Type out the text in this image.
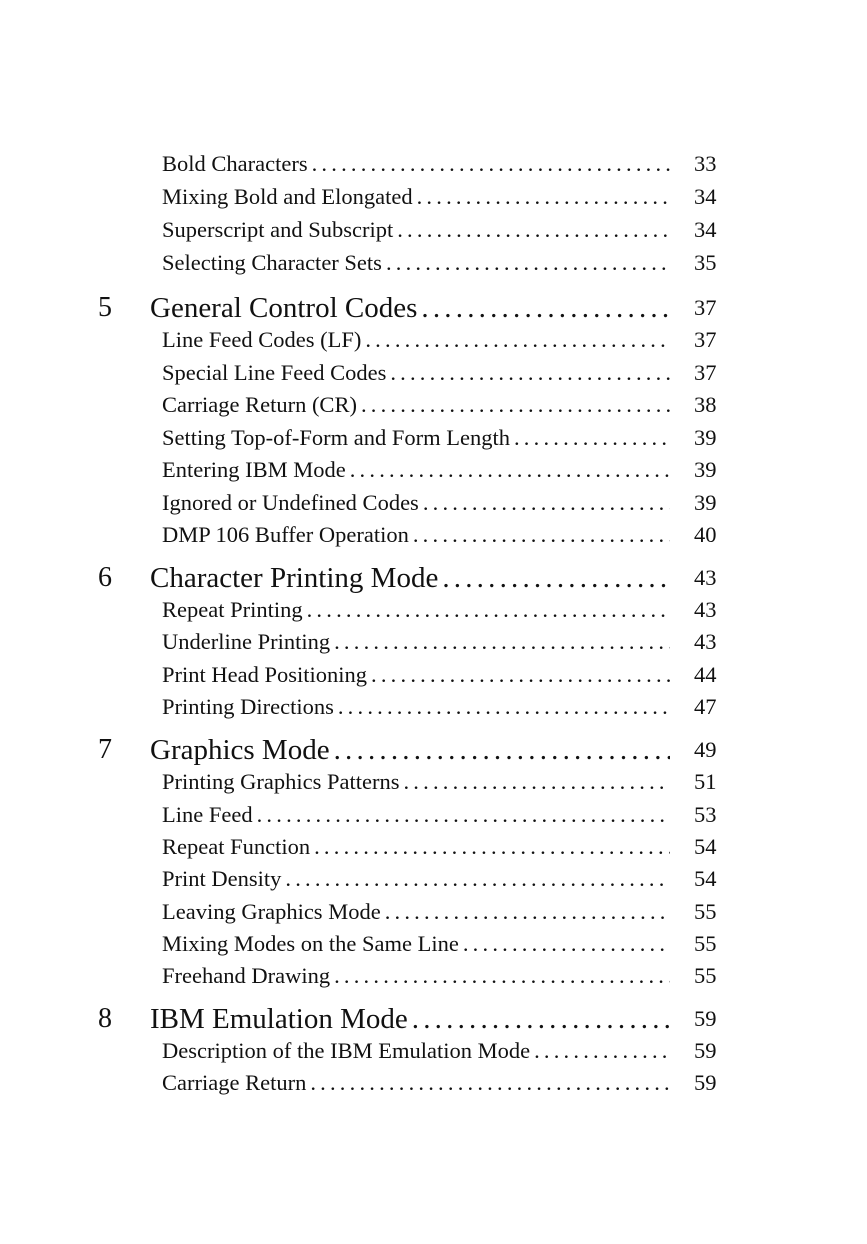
Bold Characters .....	33
Mixing Bold and Elongated .....	34
Superscript and Subscript .....	34
Selecting Character Sets .....	35
5 General Control Codes .....	37
Line Feed Codes (LF) .....	37
Special Line Feed Codes .....	37
Carriage Return (CR) .....	38
Setting Top-of-Form and Form Length .....	39
Entering IBM Mode .....	39
Ignored or Undefined Codes .....	39
DMP 106 Buffer Operation .....	40
6 Character Printing Mode .....	43
Repeat Printing .....	43
Underline Printing .....	43
Print Head Positioning .....	44
Printing Directions .....	47
7 Graphics Mode .....	49
Printing Graphics Patterns .....	51
Line Feed .....	53
Repeat Function .....	54
Print Density .....	54
Leaving Graphics Mode .....	55
Mixing Modes on the Same Line .....	55
Freehand Drawing .....	55
8 IBM Emulation Mode .....	59
Description of the IBM Emulation Mode .....	59
Carriage Return .....	59
